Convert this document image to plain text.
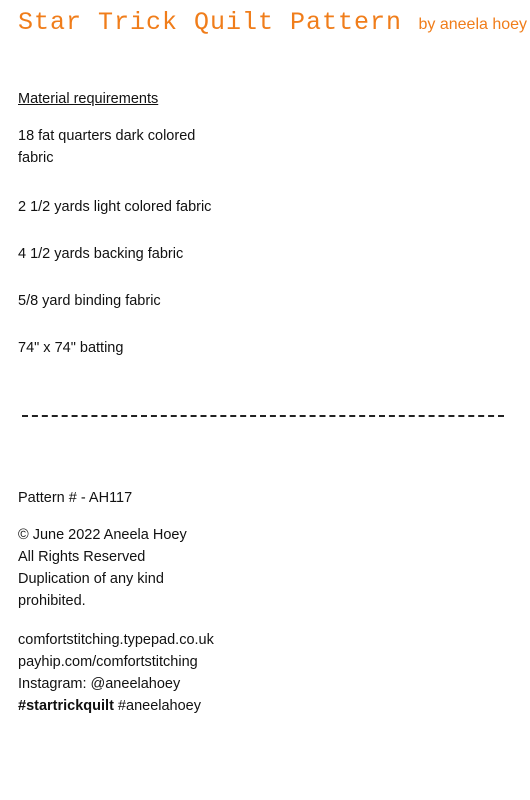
Star Trick Quilt Pattern by aneela hoey

Material requirements

18 fat quarters dark colored
fabric

2 1/2 yards light colored fabric

4 1/2 yards backing fabric

5/8 yard binding fabric

74" x 74" batting

Pattern # - AH117

© June 2022 Aneela Hoey
All Rights Reserved
Duplication of any kind
prohibited.

comfortstitching.typepad.co.uk
payhip.com/comfortstitching
Instagram: @aneelahoey
#startrickquilt #aneelahoey
